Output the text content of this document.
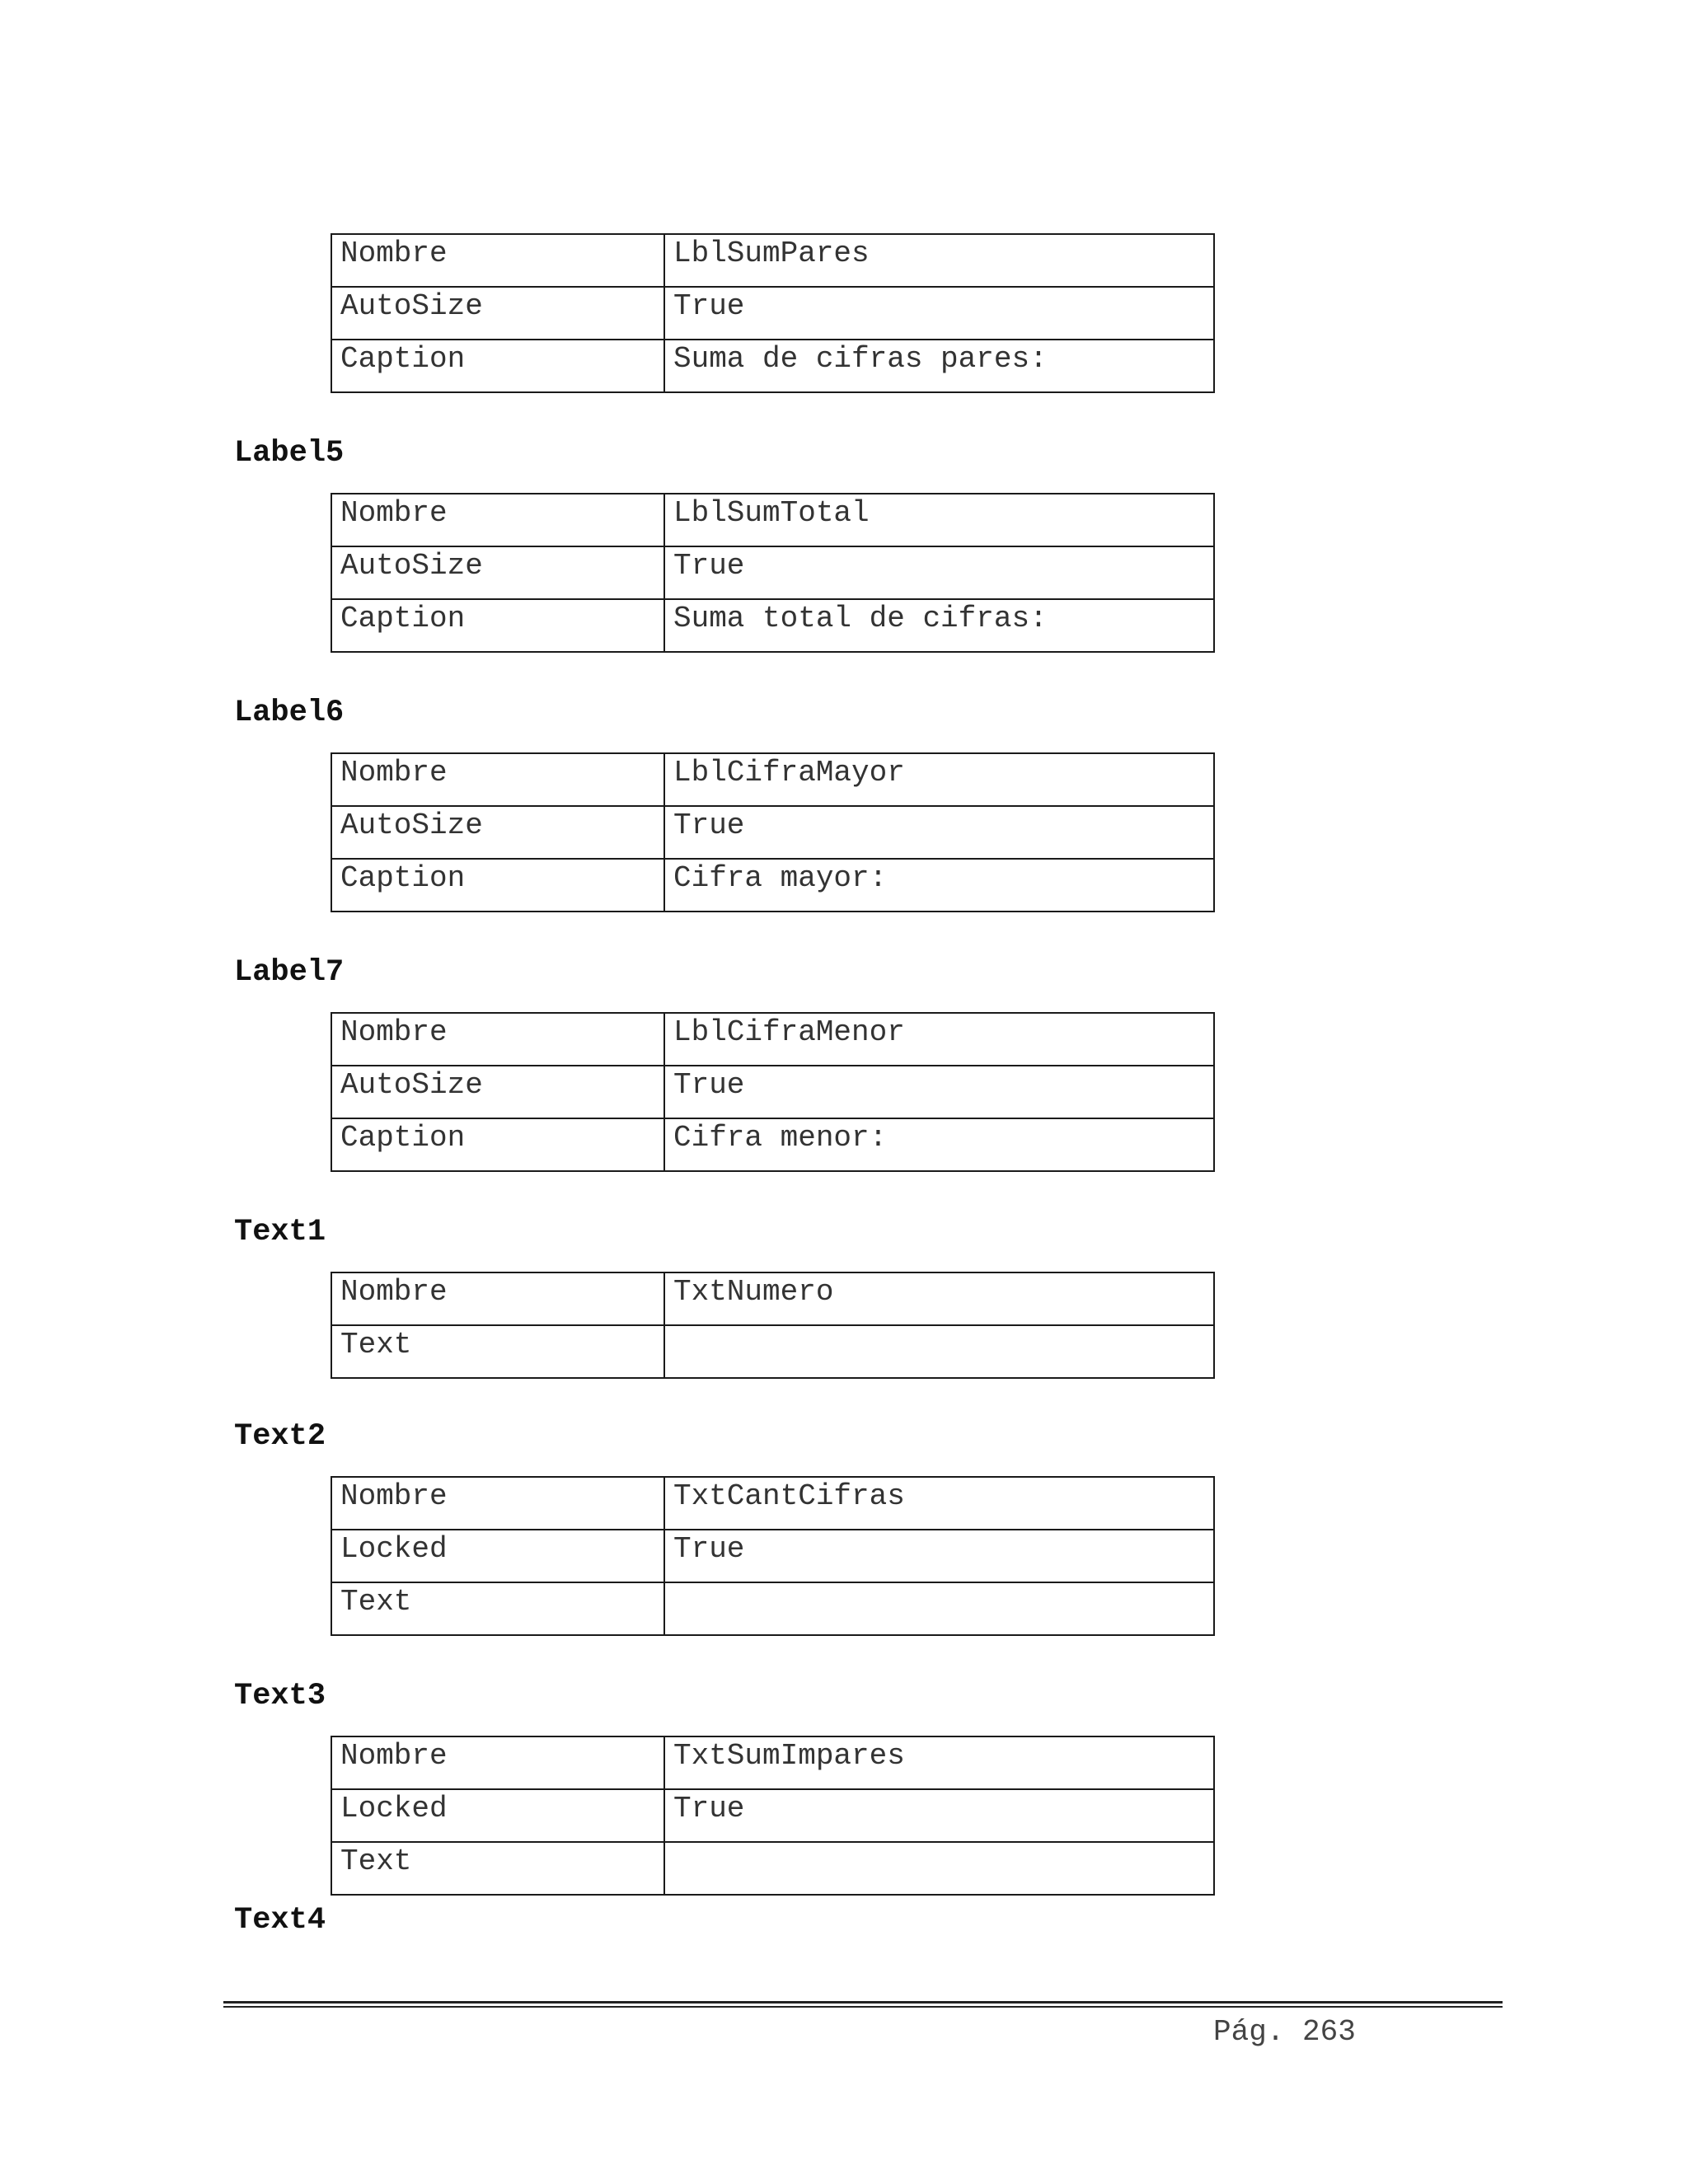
Nombre	LblSumPares
AutoSize	True
Caption	Suma de cifras pares:
Label5
Nombre	LblSumTotal
AutoSize	True
Caption	Suma total de cifras:
Label6
Nombre	LblCifraMayor
AutoSize	True
Caption	Cifra mayor:
Label7
Nombre	LblCifraMenor
AutoSize	True
Caption	Cifra menor:
Text1
Nombre	TxtNumero
Text	
Text2
Nombre	TxtCantCifras
Locked	True
Text	
Text3
Nombre	TxtSumImpares
Locked	True
Text	
Text4
Pág. 263
